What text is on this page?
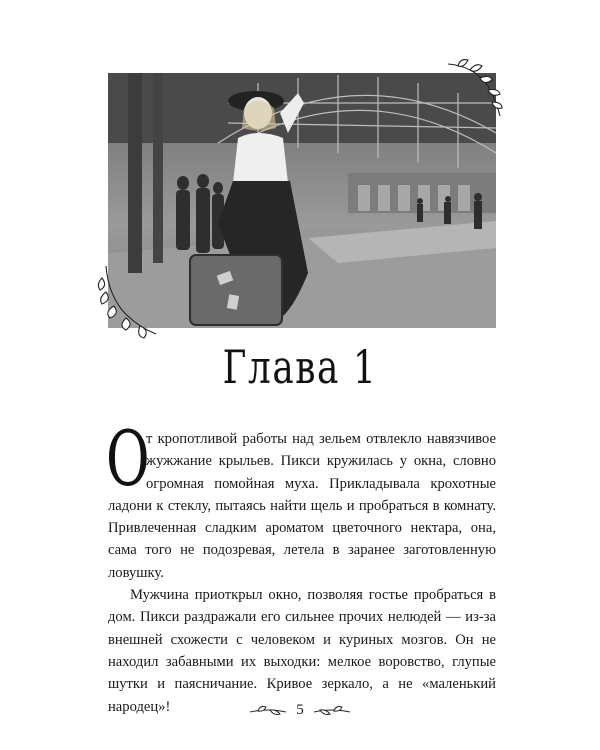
Глава 1

О
т кропотливой работы над зельем отвлекло навязчивое жужжание крыльев. Пикси кружилась у окна, словно огромная помойная муха. Прикладывала крохотные ладони к стеклу, пытаясь найти щель и пробраться в комнату. Привлеченная сладким ароматом цветочного нектара, она, сама того не подозревая, летела в заранее заготовленную ловушку.

Мужчина приоткрыл окно, позволяя гостье пробраться в дом. Пикси раздражали его сильнее прочих нелюдей — из-за внешней схожести с человеком и куриных мозгов. Он не находил забавными их выходки: мелкое воровство, глупые шутки и паясничание. Кривое зеркало, а не «маленький народец»!	5
